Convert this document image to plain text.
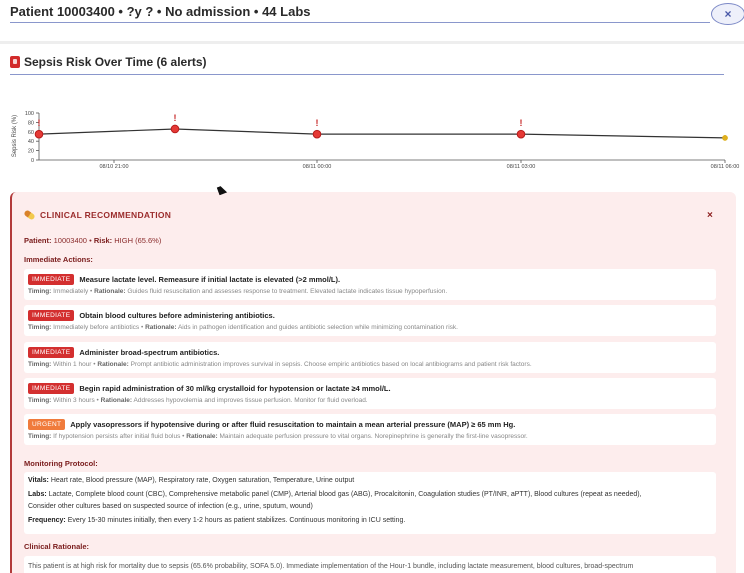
Patient 10003400 • ?y ? • No admission • 44 Labs	×
Sepsis Risk Over Time (6 alerts)
Sepsis Risk (%)
0
20
40
60
80
100
08/10 21:00	08/11 00:00	08/11 03:00	08/11 06:00
!
!
!	!
CLINICAL RECOMMENDATION	×
Patient: 10003400 • Risk: HIGH (65.6%)
Immediate Actions:
IMMEDIATE	Measure lactate level. Remeasure if initial lactate is elevated (>2 mmol/L).
Timing: Immediately • Rationale: Guides fluid resuscitation and assesses response to treatment. Elevated lactate indicates tissue hypoperfusion.
IMMEDIATE	Obtain blood cultures before administering antibiotics.
Timing: Immediately before antibiotics • Rationale: Aids in pathogen identification and guides antibiotic selection while minimizing contamination risk.
IMMEDIATE	Administer broad-spectrum antibiotics.
Timing: Within 1 hour • Rationale: Prompt antibiotic administration improves survival in sepsis. Choose empiric antibiotics based on local antibiograms and patient risk factors.
IMMEDIATE	Begin rapid administration of 30 ml/kg crystalloid for hypotension or lactate ≥4 mmol/L.
Timing: Within 3 hours • Rationale: Addresses hypovolemia and improves tissue perfusion. Monitor for fluid overload.
URGENT	Apply vasopressors if hypotensive during or after fluid resuscitation to maintain a mean arterial pressure (MAP) ≥ 65 mm Hg.
Timing: If hypotension persists after initial fluid bolus • Rationale: Maintain adequate perfusion pressure to vital organs. Norepinephrine is generally the first-line vasopressor.
Monitoring Protocol:
Vitals: Heart rate, Blood pressure (MAP), Respiratory rate, Oxygen saturation, Temperature, Urine output
Labs: Lactate, Complete blood count (CBC), Comprehensive metabolic panel (CMP), Arterial blood gas (ABG), Procalcitonin, Coagulation studies (PT/INR, aPTT), Blood cultures (repeat as needed),
Consider other cultures based on suspected source of infection (e.g., urine, sputum, wound)
Frequency: Every 15-30 minutes initially, then every 1-2 hours as patient stabilizes. Continuous monitoring in ICU setting.
Clinical Rationale:
This patient is at high risk for mortality due to sepsis (65.6% probability, SOFA 5.0). Immediate implementation of the Hour-1 bundle, including lactate measurement, blood cultures, broad-spectrum
